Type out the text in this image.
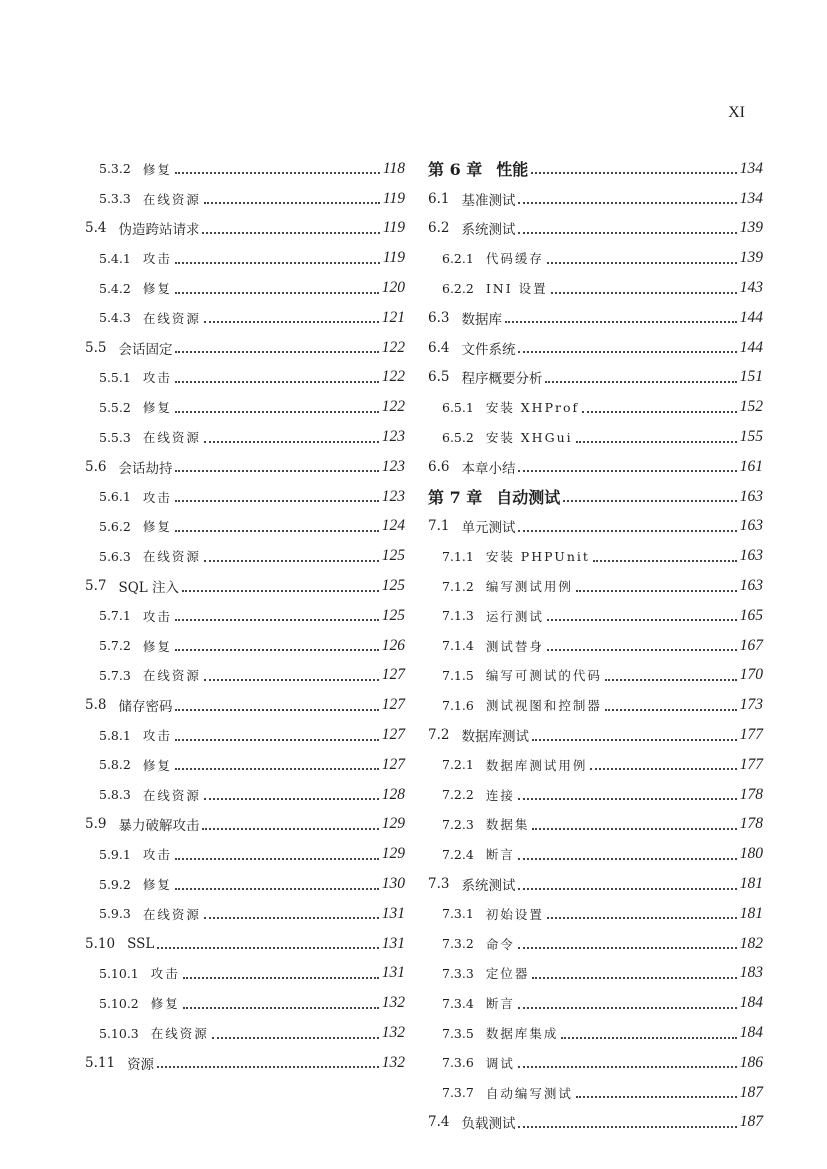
XI
5.3.2 修复	118
5.3.3 在线资源	119
5.4 伪造跨站请求	119
5.4.1 攻击	119
5.4.2 修复	120
5.4.3 在线资源	121
5.5 会话固定	122
5.5.1 攻击	122
5.5.2 修复	122
5.5.3 在线资源	123
5.6 会话劫持	123
5.6.1 攻击	123
5.6.2 修复	124
5.6.3 在线资源	125
5.7 SQL 注入	125
5.7.1 攻击	125
5.7.2 修复	126
5.7.3 在线资源	127
5.8 储存密码	127
5.8.1 攻击	127
5.8.2 修复	127
5.8.3 在线资源	128
5.9 暴力破解攻击	129
5.9.1 攻击	129
5.9.2 修复	130
5.9.3 在线资源	131
5.10 SSL	131
5.10.1 攻击	131
5.10.2 修复	132
5.10.3 在线资源	132
5.11 资源	132
第 6 章 性能	134
6.1 基准测试	134
6.2 系统测试	139
6.2.1 代码缓存	139
6.2.2 INI 设置	143
6.3 数据库	144
6.4 文件系统	144
6.5 程序概要分析	151
6.5.1 安装 XHProf	152
6.5.2 安装 XHGui	155
6.6 本章小结	161
第 7 章 自动测试	163
7.1 单元测试	163
7.1.1 安装 PHPUnit	163
7.1.2 编写测试用例	163
7.1.3 运行测试	165
7.1.4 测试替身	167
7.1.5 编写可测试的代码	170
7.1.6 测试视图和控制器	173
7.2 数据库测试	177
7.2.1 数据库测试用例	177
7.2.2 连接	178
7.2.3 数据集	178
7.2.4 断言	180
7.3 系统测试	181
7.3.1 初始设置	181
7.3.2 命令	182
7.3.3 定位器	183
7.3.4 断言	184
7.3.5 数据库集成	184
7.3.6 调试	186
7.3.7 自动编写测试	187
7.4 负载测试	187
